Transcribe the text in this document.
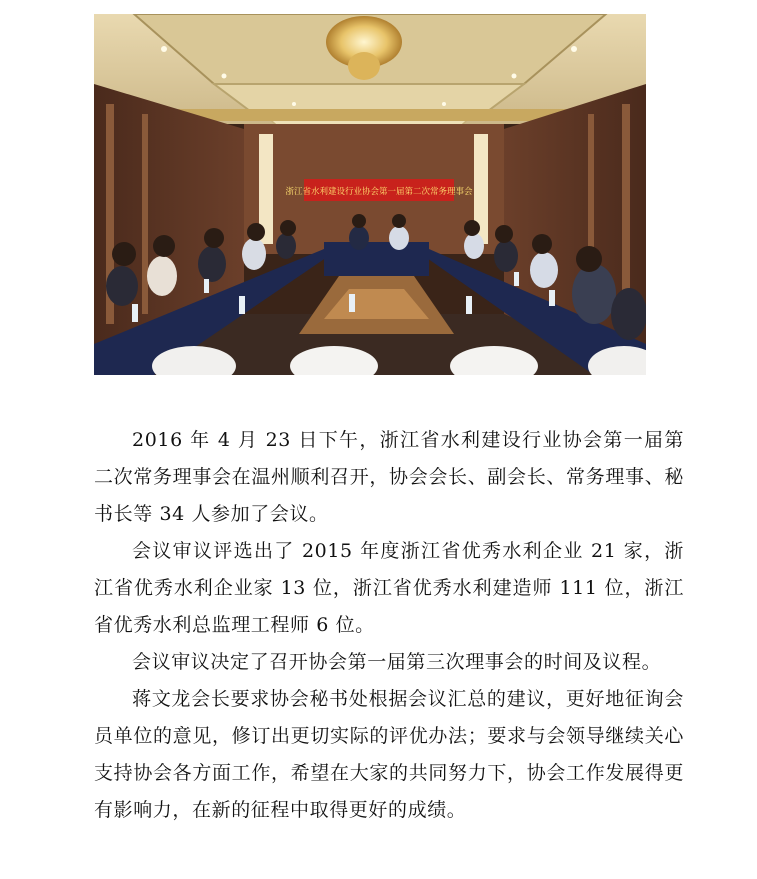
浙江省水利建设行业协会第一届第二次常务理事会

2016 年 4 月 23 日下午，浙江省水利建设行业协会第一届第二次常务理事会在温州顺利召开，协会会长、副会长、常务理事、秘书长等 34 人参加了会议。

会议审议评选出了 2015 年度浙江省优秀水利企业 21 家，浙江省优秀水利企业家 13 位，浙江省优秀水利建造师 111 位，浙江省优秀水利总监理工程师 6 位。

会议审议决定了召开协会第一届第三次理事会的时间及议程。

蒋文龙会长要求协会秘书处根据会议汇总的建议，更好地征询会员单位的意见，修订出更切实际的评优办法；要求与会领导继续关心支持协会各方面工作，希望在大家的共同努力下，协会工作发展得更有影响力，在新的征程中取得更好的成绩。
